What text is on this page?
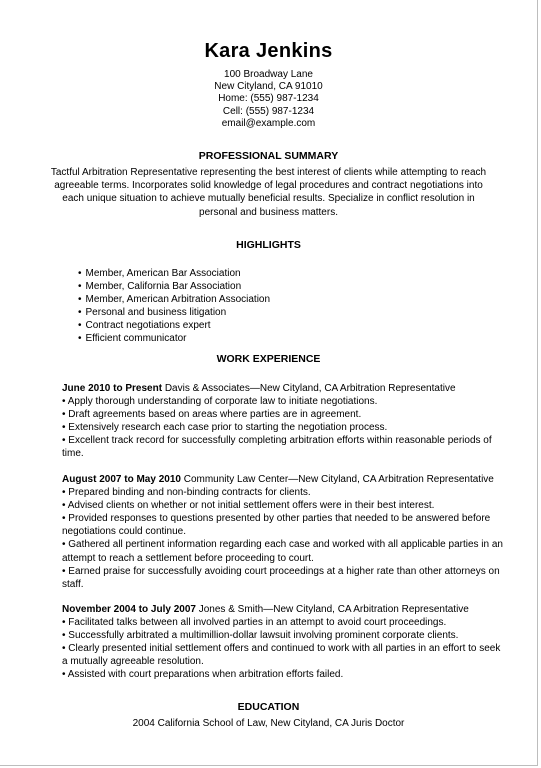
Kara Jenkins
100 Broadway Lane
New Cityland, CA 91010
Home: (555) 987-1234
Cell: (555) 987-1234
email@example.com
PROFESSIONAL SUMMARY
Tactful Arbitration Representative representing the best interest of clients while attempting to reach agreeable terms. Incorporates solid knowledge of legal procedures and contract negotiations into each unique situation to achieve mutually beneficial results. Specialize in conflict resolution in personal and business matters.
HIGHLIGHTS
• Member, American Bar Association
• Member, California Bar Association
• Member, American Arbitration Association
• Personal and business litigation
• Contract negotiations expert
• Efficient communicator
WORK EXPERIENCE
June 2010 to Present Davis & Associates—New Cityland, CA Arbitration Representative
• Apply thorough understanding of corporate law to initiate negotiations.
• Draft agreements based on areas where parties are in agreement.
• Extensively research each case prior to starting the negotiation process.
• Excellent track record for successfully completing arbitration efforts within reasonable periods of
time.
August 2007 to May 2010 Community Law Center—New Cityland, CA Arbitration Representative
• Prepared binding and non-binding contracts for clients.
• Advised clients on whether or not initial settlement offers were in their best interest.
• Provided responses to questions presented by other parties that needed to be answered before
negotiations could continue.
• Gathered all pertinent information regarding each case and worked with all applicable parties in an
attempt to reach a settlement before proceeding to court.
• Earned praise for successfully avoiding court proceedings at a higher rate than other attorneys on
staff.
November 2004 to July 2007 Jones & Smith—New Cityland, CA Arbitration Representative
• Facilitated talks between all involved parties in an attempt to avoid court proceedings.
• Successfully arbitrated a multimillion-dollar lawsuit involving prominent corporate clients.
• Clearly presented initial settlement offers and continued to work with all parties in an effort to seek
a mutually agreeable resolution.
• Assisted with court preparations when arbitration efforts failed.
EDUCATION
2004 California School of Law, New Cityland, CA Juris Doctor
